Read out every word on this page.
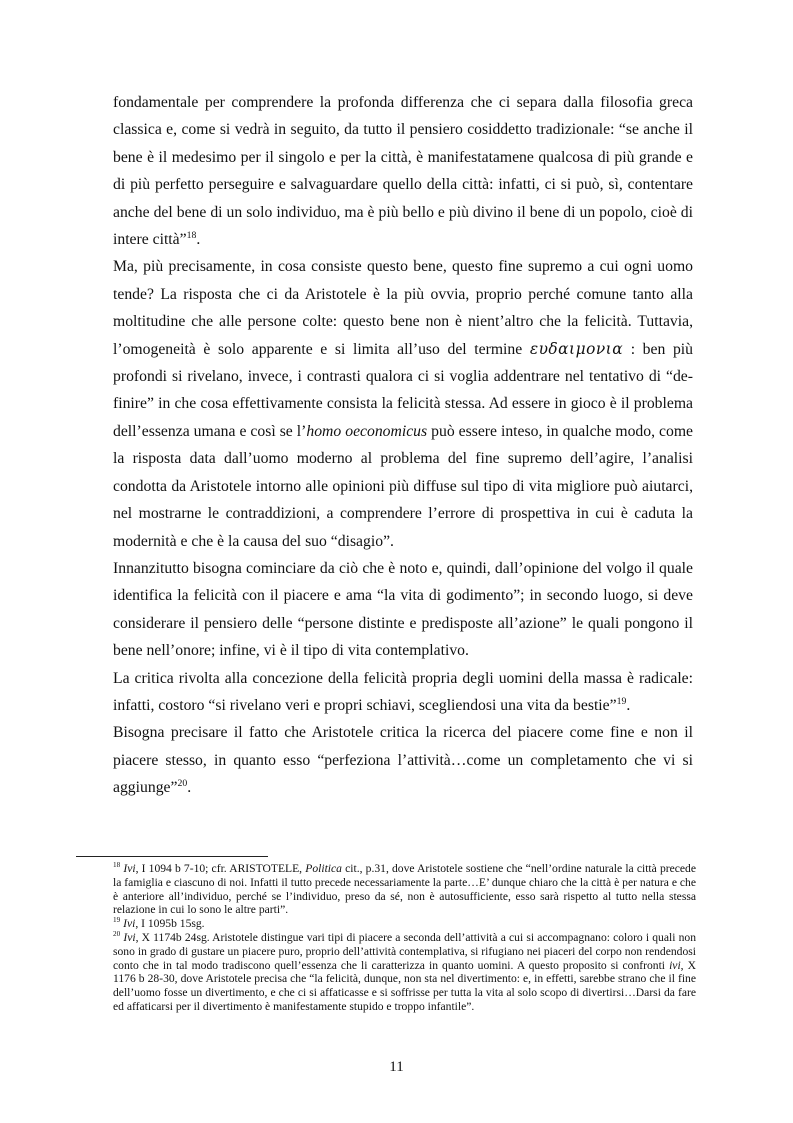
fondamentale per comprendere la profonda differenza che ci separa dalla filosofia greca classica e, come si vedrà in seguito, da tutto il pensiero cosiddetto tradizionale: “se anche il bene è il medesimo per il singolo e per la città, è manifestatamene qualcosa di più grande e di più perfetto perseguire e salvaguardare quello della città: infatti, ci si può, sì, contentare anche del bene di un solo individuo, ma è più bello e più divino il bene di un popolo, cioè di intere città”$^{18}$.

Ma, più precisamente, in cosa consiste questo bene, questo fine supremo a cui ogni uomo tende? La risposta che ci da Aristotele è la più ovvia, proprio perché comune tanto alla moltitudine che alle persone colte: questo bene non è nient’altro che la felicità. Tuttavia, l’omogeneità è solo apparente e si limita all’uso del termine ευδαιμονια : ben più profondi si rivelano, invece, i contrasti qualora ci si voglia addentrare nel tentativo di “de-finire” in che cosa effettivamente consista la felicità stessa. Ad essere in gioco è il problema dell’essenza umana e così se l’homo oeconomicus può essere inteso, in qualche modo, come la risposta data dall’uomo moderno al problema del fine supremo dell’agire, l’analisi condotta da Aristotele intorno alle opinioni più diffuse sul tipo di vita migliore può aiutarci, nel mostrarne le contraddizioni, a comprendere l’errore di prospettiva in cui è caduta la modernità e che è la causa del suo “disagio”.

Innanzitutto bisogna cominciare da ciò che è noto e, quindi, dall’opinione del volgo il quale identifica la felicità con il piacere e ama “la vita di godimento”; in secondo luogo, si deve considerare il pensiero delle “persone distinte e predisposte all’azione” le quali pongono il bene nell’onore; infine, vi è il tipo di vita contemplativo.

La critica rivolta alla concezione della felicità propria degli uomini della massa è radicale: infatti, costoro “si rivelano veri e propri schiavi, scegliendosi una vita da bestie”$^{19}$.

Bisogna precisare il fatto che Aristotele critica la ricerca del piacere come fine e non il piacere stesso, in quanto esso “perfeziona l’attività…come un completamento che vi si aggiunge”$^{20}$.

$^{18}$ Ivi, I 1094 b 7-10; cfr. ARISTOTELE, Politica cit., p.31, dove Aristotele sostiene che “nell’ordine naturale la città precede la famiglia e ciascuno di noi. Infatti il tutto precede necessariamente la parte…E’ dunque chiaro che la città è per natura e che è anteriore all’individuo, perché se l’individuo, preso da sé, non è autosufficiente, esso sarà rispetto al tutto nella stessa relazione in cui lo sono le altre parti”.

$^{19}$ Ivi, I 1095b 15sg.

$^{20}$ Ivi, X 1174b 24sg. Aristotele distingue vari tipi di piacere a seconda dell’attività a cui si accompagnano: coloro i quali non sono in grado di gustare un piacere puro, proprio dell’attività contemplativa, si rifugiano nei piaceri del corpo non rendendosi conto che in tal modo tradiscono quell’essenza che li caratterizza in quanto uomini. A questo proposito si confronti ivi, X 1176 b 28-30, dove Aristotele precisa che “la felicità, dunque, non sta nel divertimento: e, in effetti, sarebbe strano che il fine dell’uomo fosse un divertimento, e che ci si affaticasse e si soffrisse per tutta la vita al solo scopo di divertirsi…Darsi da fare ed affaticarsi per il divertimento è manifestamente stupido e troppo infantile”.

11
